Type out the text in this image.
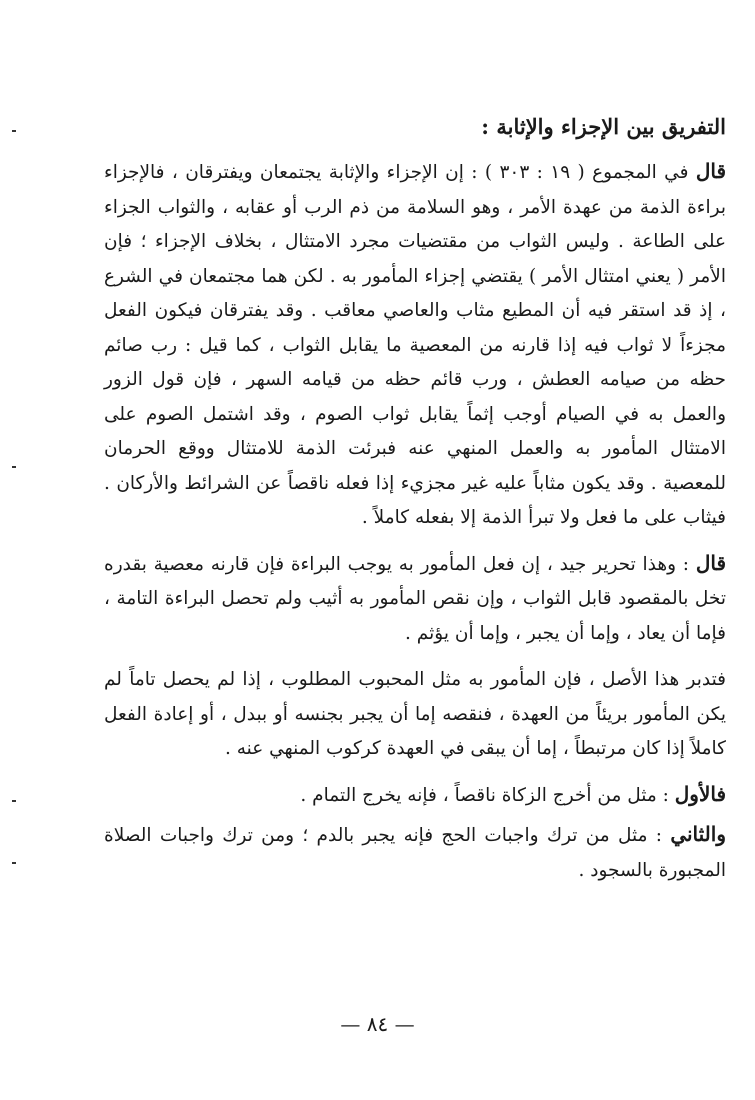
التفريق بين الإجزاء والإثابة :

قال في المجموع ( ١٩ : ٣٠٣ ) : إن الإجزاء والإثابة يجتمعان ويفترقان ، فالإجزاء براءة الذمة من عهدة الأمر ، وهو السلامة من ذم الرب أو عقابه ، والثواب الجزاء على الطاعة . وليس الثواب من مقتضيات مجرد الامتثال ، بخلاف الإجزاء ؛ فإن الأمر ( يعني امتثال الأمر ) يقتضي إجزاء المأمور به . لكن هما مجتمعان في الشرع ، إذ قد استقر فيه أن المطيع مثاب والعاصي معاقب . وقد يفترقان فيكون الفعل مجزءاً لا ثواب فيه إذا قارنه من المعصية ما يقابل الثواب ، كما قيل : رب صائم حظه من صيامه العطش ، ورب قائم حظه من قيامه السهر ، فإن قول الزور والعمل به في الصيام أوجب إثماً يقابل ثواب الصوم ، وقد اشتمل الصوم على الامتثال المأمور به والعمل المنهي عنه فبرئت الذمة للامتثال ووقع الحرمان للمعصية . وقد يكون مثاباً عليه غير مجزيء إذا فعله ناقصاً عن الشرائط والأركان . فيثاب على ما فعل ولا تبرأ الذمة إلا بفعله كاملاً .

قال : وهذا تحرير جيد ، إن فعل المأمور به يوجب البراءة فإن قارنه معصية بقدره تخل بالمقصود قابل الثواب ، وإن نقص المأمور به أثيب ولم تحصل البراءة التامة ، فإما أن يعاد ، وإما أن يجبر ، وإما أن يؤثم .

فتدبر هذا الأصل ، فإن المأمور به مثل المحبوب المطلوب ، إذا لم يحصل تاماً لم يكن المأمور بريئاً من العهدة ، فنقصه إما أن يجبر بجنسه أو ببدل ، أو إعادة الفعل كاملاً إذا كان مرتبطاً ، إما أن يبقى في العهدة كركوب المنهي عنه .

فالأول : مثل من أخرج الزكاة ناقصاً ، فإنه يخرج التمام .

والثاني : مثل من ترك واجبات الحج فإنه يجبر بالدم ؛ ومن ترك واجبات الصلاة المجبورة بالسجود .

— ٨٤ —
